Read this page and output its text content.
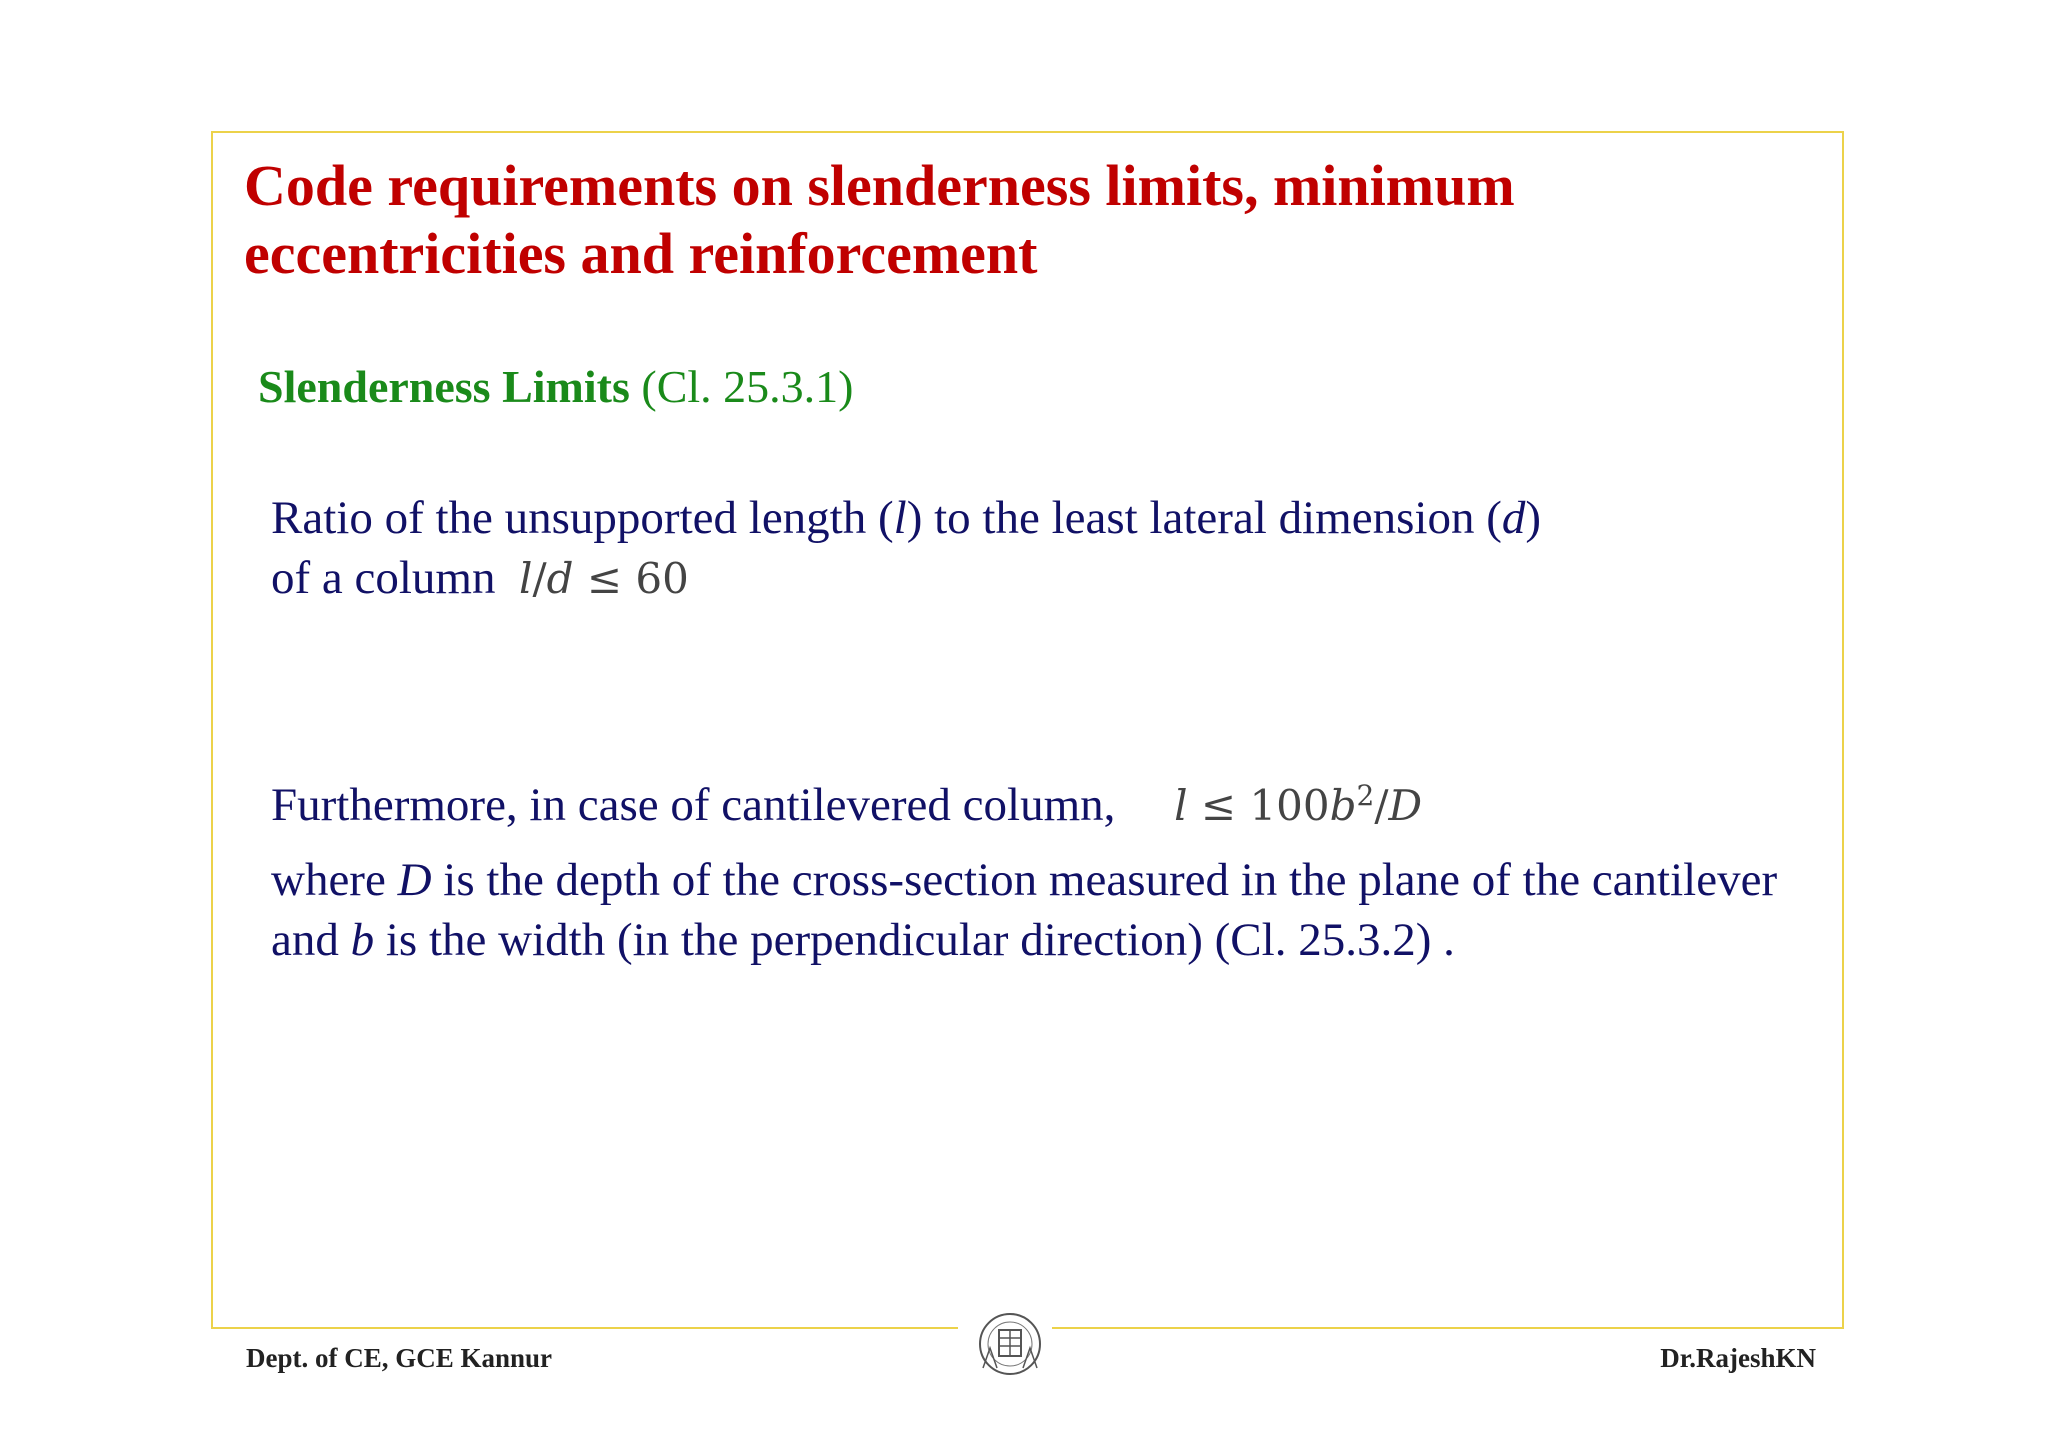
Code requirements on slenderness limits, minimum eccentricities and reinforcement

Slenderness Limits (Cl. 25.3.1)

Ratio of the unsupported length (l) to the least lateral dimension (d)
of a column l/d ≤ 60

Furthermore, in case of cantilevered column, $l \le 100b^2/D$

where D is the depth of the cross-section measured in the plane of the cantilever and b is the width (in the perpendicular direction) (Cl. 25.3.2) .

Dept. of CE, GCE Kannur	Dr.RajeshKN
